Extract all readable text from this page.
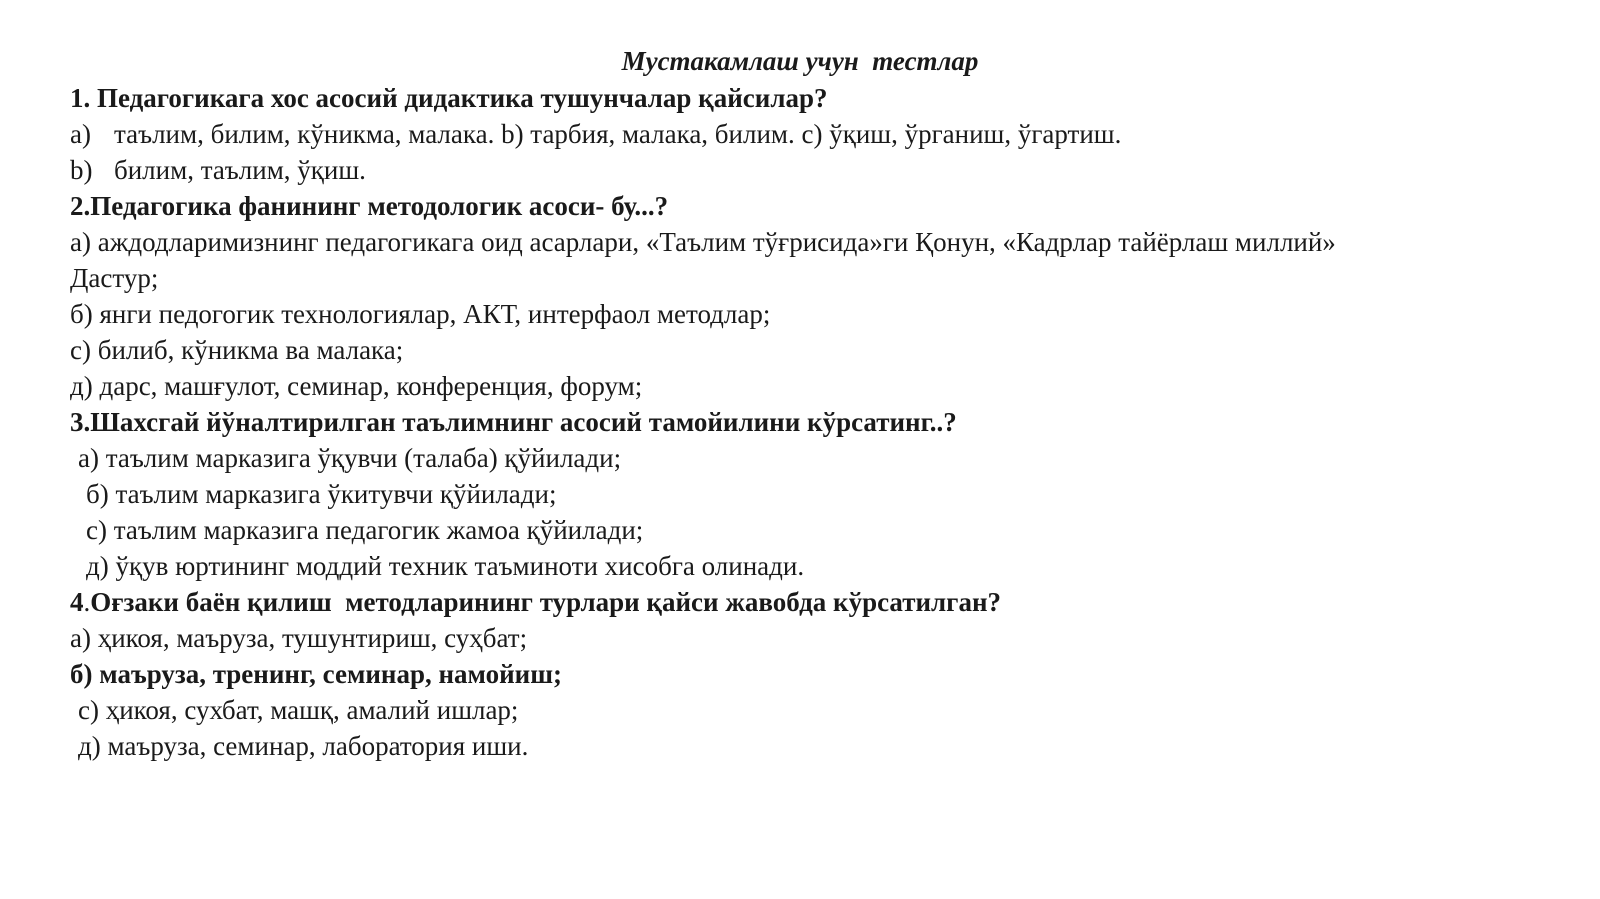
Мустакамлаш учун  тестлар
1. Педагогикага хос асосий дидактика тушунчалар қайсилар?
а) таълим, билим, кўникма, малака. b) тарбия, малака, билим. c) ўқиш, ўрганиш, ўгартиш.
b) билим, таълим, ўқиш.
2.Педагогика фанининг методологик асоси- бу...?
а) аждодларимизнинг педагогикага оид асарлари, «Таълим тўғрисида»ги Қонун, «Кадрлар тайёрлаш миллий»
Дастур;
б) янги педогогик технологиялар, АКТ, интерфаол методлар;
с) билиб, кўникма ва малака;
д) дарс, машғулот, семинар, конференция, форум;
3.Шахсгай йўналтирилган таълимнинг асосий тамойилини кўрсатинг..?
а) таълим марказига ўқувчи (талаба) қўйилади;
б) таълим марказига ўкитувчи қўйилади;
с) таълим марказига педагогик жамоа қўйилади;
д) ўқув юртининг моддий техник таъминоти хисобга олинади.
4.Оғзаки баён қилиш  методларининг турлари қайси жавобда кўрсатилган?
а) ҳикоя, маъруза, тушунтириш, суҳбат;
б) маъруза, тренинг, семинар, намойиш;
с) ҳикоя, сухбат, машқ, амалий ишлар;
д) маъруза, семинар, лаборатория иши.
